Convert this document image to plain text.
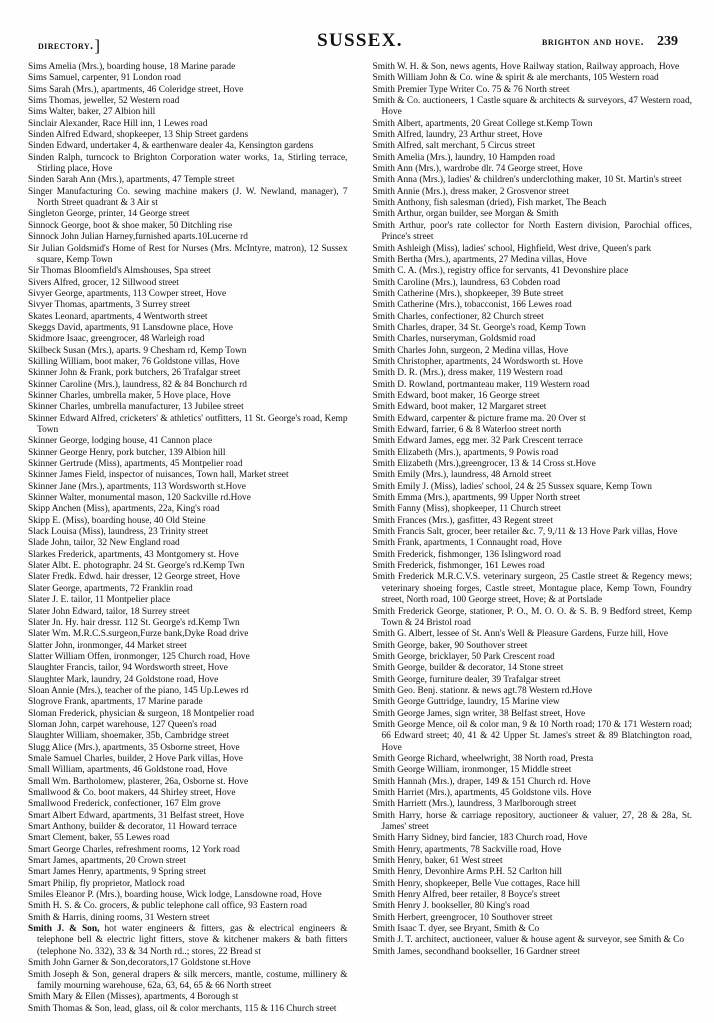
directory.]	SUSSEX.	brighton and hove. 239

Sims Amelia (Mrs.), boarding house, 18 Marine parade

Sims Samuel, carpenter, 91 London road

Sims Sarah (Mrs.), apartments, 46 Coleridge street, Hove

Sims Thomas, jeweller, 52 Western road

Sims Walter, baker, 27 Albion hill

Sinclair Alexander, Race Hill inn, 1 Lewes road

Sinden Alfred Edward, shopkeeper, 13 Ship Street gardens

Sinden Edward, undertaker 4, & earthenware dealer 4a, Kensington gardens

Sinden Ralph, turncock to Brighton Corporation water works, 1a, Stirling terrace, Stirling place, Hove

Sinden Sarah Ann (Mrs.), apartments, 47 Temple street

Singer Manufacturing Co. sewing machine makers (J. W. Newland, manager), 7 North Street quadrant & 3 Air st

Singleton George, printer, 14 George street

Sinnock George, boot & shoe maker, 50 Ditchling rise

Sinnock John Julian Harney,furnished aparts.10Lucerne rd

Sir Julian Goldsmid's Home of Rest for Nurses (Mrs. McIntyre, matron), 12 Sussex square, Kemp Town

Sir Thomas Bloomfield's Almshouses, Spa street

Sivers Alfred, grocer, 12 Sillwood street

Sivyer George, apartments, 113 Cowper street, Hove

Sivyer Thomas, apartments, 3 Surrey street

Skates Leonard, apartments, 4 Wentworth street

Skeggs David, apartments, 91 Lansdowne place, Hove

Skidmore Isaac, greengrocer, 48 Warleigh road

Skilbeck Susan (Mrs.), aparts. 9 Chesham rd, Kemp Town

Skilling William, boot maker, 76 Goldstone villas, Hove

Skinner John & Frank, pork butchers, 26 Trafalgar street

Skinner Caroline (Mrs.), laundress, 82 & 84 Bonchurch rd

Skinner Charles, umbrella maker, 5 Hove place, Hove

Skinner Charles, umbrella manufacturer, 13 Jubilee street

Skinner Edward Alfred, cricketers' & athletics' outfitters, 11 St. George's road, Kemp Town

Skinner George, lodging house, 41 Cannon place

Skinner George Henry, pork butcher, 139 Albion hill

Skinner Gertrude (Miss), apartments, 45 Montpelier road

Skinner James Field, inspector of nuisances, Town hall, Market street

Skinner Jane (Mrs.), apartments, 113 Wordsworth st.Hove

Skinner Walter, monumental mason, 120 Sackville rd.Hove

Skipp Anchen (Miss), apartments, 22a, King's road

Skipp E. (Miss), boarding house, 40 Old Steine

Slack Louisa (Miss), laundress, 23 Trinity street

Slade John, tailor, 32 New England road

Slarkes Frederick, apartments, 43 Montgomery st. Hove

Slater Albt. E. photographr. 24 St. George's rd.Kemp Twn

Slater Fredk. Edwd. hair dresser, 12 George street, Hove

Slater George, apartments, 72 Franklin road

Slater J. E. tailor, 11 Montpelier place

Slater John Edward, tailor, 18 Surrey street

Slater Jn. Hy. hair dressr. 112 St. George's rd.Kemp Twn

Slater Wm. M.R.C.S.surgeon,Furze bank,Dyke Road drive

Slatter John, ironmonger, 44 Market street

Slatter William Offen, ironmonger, 125 Church road, Hove

Slaughter Francis, tailor, 94 Wordsworth street, Hove

Slaughter Mark, laundry, 24 Goldstone road, Hove

Sloan Annie (Mrs.), teacher of the piano, 145 Up.Lewes rd

Slogrove Frank, apartments, 17 Marine parade

Sloman Frederick, physician & surgeon, 18 Montpelier road

Sloman John, carpet warehouse, 127 Queen's road

Slaughter William, shoemaker, 35b, Cambridge street

Slugg Alice (Mrs.), apartments, 35 Osborne street, Hove

Smale Samuel Charles, builder, 2 Hove Park villas, Hove

Small William, apartments, 46 Goldstone road, Hove

Small Wm. Bartholomew, plasterer, 26a, Osborne st. Hove

Smallwood & Co. boot makers, 44 Shirley street, Hove

Smallwood Frederick, confectioner, 167 Elm grove

Smart Albert Edward, apartments, 31 Belfast street, Hove

Smart Anthony, builder & decorator, 11 Howard terrace

Smart Clement, baker, 55 Lewes road

Smart George Charles, refreshment rooms, 12 York road

Smart James, apartments, 20 Crown street

Smart James Henry, apartments, 9 Spring street

Smart Philip, fly proprietor, Matlock road

Smiles Eleanor P. (Mrs.), boarding house, Wick lodge, Lansdowne road, Hove

Smith H. S. & Co. grocers, & public telephone call office, 93 Eastern road

Smith & Harris, dining rooms, 31 Western street

Smith J. & Son, hot water engineers & fitters, gas & electrical engineers & telephone bell & electric light fitters, stove & kitchener makers & bath fitters (telephone No. 332), 33 & 34 North rd..; stores, 22 Bread st

Smith John Garner & Son,decorators,17 Goldstone st.Hove

Smith Joseph & Son, general drapers & silk mercers, mantle, costume, millinery & family mourning warehouse, 62a, 63, 64, 65 & 66 North street

Smith Mary & Ellen (Misses), apartments, 4 Borough st

Smith Thomas & Son, lead, glass, oil & color merchants, 115 & 116 Church street

Smith W. H. & Son, news agents, Hove Railway station, Railway approach, Hove

Smith William John & Co. wine & spirit & ale merchants, 105 Western road

Smith Premier Type Writer Co. 75 & 76 North street

Smith & Co. auctioneers, 1 Castle square & architects & surveyors, 47 Western road, Hove

Smith Albert, apartments, 20 Great College st.Kemp Town

Smith Alfred, laundry, 23 Arthur street, Hove

Smith Alfred, salt merchant, 5 Circus street

Smith Amelia (Mrs.), laundry, 10 Hampden road

Smith Ann (Mrs.), wardrobe dlr. 74 George street, Hove

Smith Anna (Mrs.), ladies' & children's underclothing maker, 10 St. Martin's street

Smith Annie (Mrs.), dress maker, 2 Grosvenor street

Smith Anthony, fish salesman (dried), Fish market, The Beach

Smith Arthur, organ builder, see Morgan & Smith

Smith Arthur, poor's rate collector for North Eastern division, Parochial offices, Prince's street

Smith Ashleigh (Miss), ladies' school, Highfield, West drive, Queen's park

Smith Bertha (Mrs.), apartments, 27 Medina villas, Hove

Smith C. A. (Mrs.), registry office for servants, 41 Devonshire place

Smith Caroline (Mrs.), laundress, 63 Cobden road

Smith Catherine (Mrs.), shopkeeper, 39 Bute street

Smith Catherine (Mrs.), tobacconist, 166 Lewes road

Smith Charles, confectioner, 82 Church street

Smith Charles, draper, 34 St. George's road, Kemp Town

Smith Charles, nurseryman, Goldsmid road

Smith Charles John, surgeon, 2 Medina villas, Hove

Smith Christopher, apartments, 24 Wordsworth st. Hove

Smith D. R. (Mrs.), dress maker, 119 Western road

Smith D. Rowland, portmanteau maker, 119 Western road

Smith Edward, boot maker, 16 George street

Smith Edward, boot maker, 12 Margaret street

Smith Edward, carpenter & picture frame ma. 20 Over st

Smith Edward, farrier, 6 & 8 Waterloo street north

Smith Edward James, egg mer. 32 Park Crescent terrace

Smith Elizabeth (Mrs.), apartments, 9 Powis road

Smith Elizabeth (Mrs.),greengrocer, 13 & 14 Cross st.Hove

Smith Emily (Mrs.), laundress, 48 Arnold street

Smith Emily J. (Miss), ladies' school, 24 & 25 Sussex square, Kemp Town

Smith Emma (Mrs.), apartments, 99 Upper North street

Smith Fanny (Miss), shopkeeper, 11 Church street

Smith Frances (Mrs.), gasfitter, 43 Regent street

Smith Francis Salt, grocer, beer retailer &c. 7, 9,/11 & 13 Hove Park villas, Hove

Smith Frank, apartments, 1 Connaught road, Hove

Smith Frederick, fishmonger, 136 Islingword road

Smith Frederick, fishmonger, 161 Lewes road

Smith Frederick M.R.C.V.S. veterinary surgeon, 25 Castle street & Regency mews; veterinary shoeing forges, Castle street, Montague place, Kemp Town, Foundry street, North road, 100 George street, Hove; & at Portslade

Smith Frederick George, stationer, P. O., M. O. O. & S. B. 9 Bedford street, Kemp Town & 24 Bristol road

Smith G. Albert, lessee of St. Ann's Well & Pleasure Gardens, Furze hill, Hove

Smith George, baker, 90 Southover street

Smith George, bricklayer, 50 Park Crescent road

Smith George, builder & decorator, 14 Stone street

Smith George, furniture dealer, 39 Trafalgar street

Smith Geo. Benj. stationr. & news agt.78 Western rd.Hove

Smith George Guttridge, laundry, 15 Marine view

Smith George James, sign writer, 38 Belfast street, Hove

Smith George Mence, oil & color man, 9 & 10 North road; 170 & 171 Western road; 66 Edward street; 40, 41 & 42 Upper St. James's street & 89 Blatchington road, Hove

Smith George Richard, wheelwright, 38 North road, Presta

Smith George William, ironmonger, 15 Middle street

Smith Hannah (Mrs.), draper, 149 & 151 Church rd. Hove

Smith Harriet (Mrs.), apartments, 45 Goldstone vils. Hove

Smith Harriett (Mrs.), laundress, 3 Marlborough street

Smith Harry, horse & carriage repository, auctioneer & valuer, 27, 28 & 28a, St. James' street

Smith Harry Sidney, bird fancier, 183 Church road, Hove

Smith Henry, apartments, 78 Sackville road, Hove

Smith Henry, baker, 61 West street

Smith Henry, Devonhire Arms P.H. 52 Carlton hill

Smith Henry, shopkeeper, Belle Vue cottages, Race hill

Smith Henry Alfred, beer retailer, 8 Boyce's street

Smith Henry J. bookseller, 80 King's road

Smith Herbert, greengrocer, 10 Southover street

Smith Isaac T. dyer, see Bryant, Smith & Co

Smith J. T. architect, auctioneer, valuer & house agent & surveyor, see Smith & Co

Smith James, secondhand bookseller, 16 Gardner street
